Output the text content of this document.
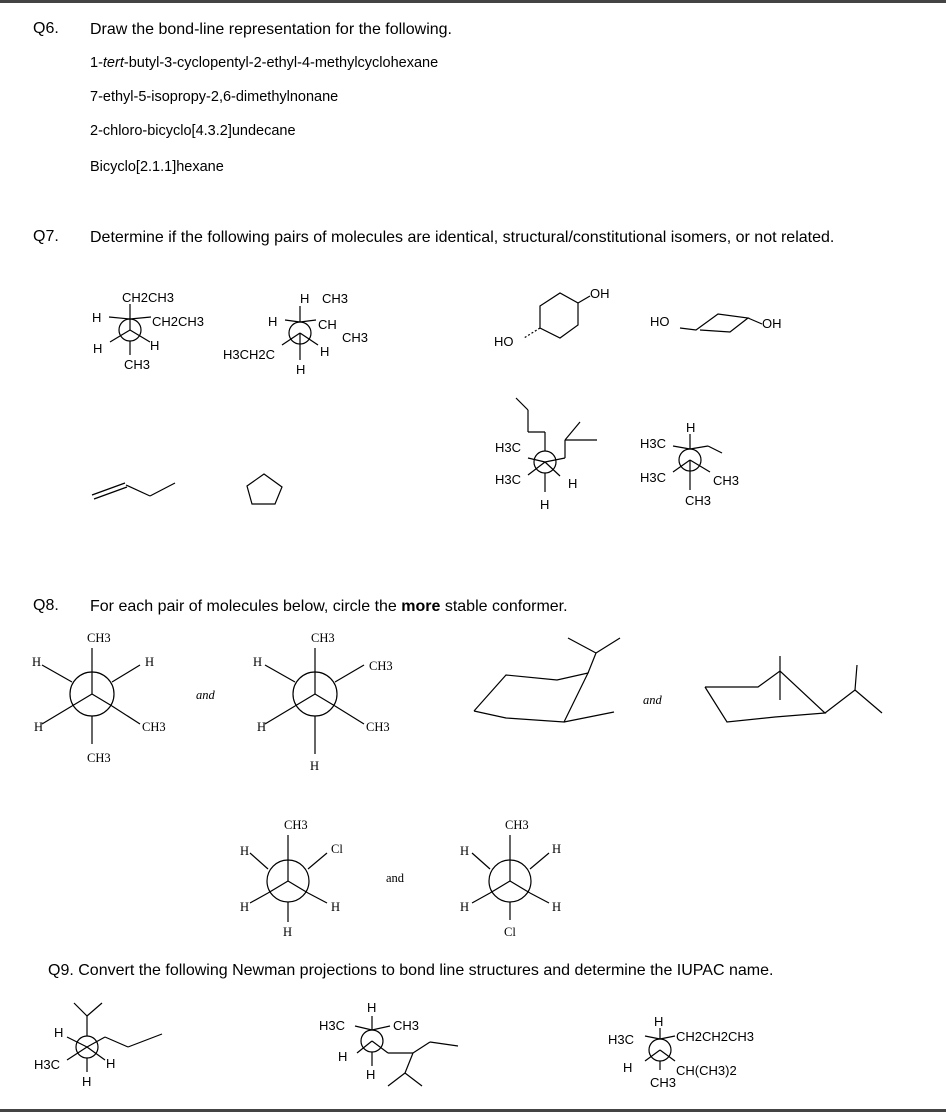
Q6. Draw the bond-line representation for the following.
1-tert-butyl-3-cyclopentyl-2-ethyl-4-methylcyclohexane
7-ethyl-5-isopropy-2,6-dimethylnonane
2-chloro-bicyclo[4.3.2]undecane
Bicyclo[2.1.1]hexane
Q7. Determine if the following pairs of molecules are identical, structural/constitutional isomers, or not related.
Q8. For each pair of molecules below, circle the more stable conformer.
Q9. Convert the following Newman projections to bond line structures and determine the IUPAC name.
CH2CH3
CH2CH3
H
H	H
CH3
H CH3
H	CH
CH3
H3CH2C	H
H
OH
HO
HO	OH
H3C
H3C	H
H
H
H3C
H3C	CH3
CH3
CH3
H	H
H	CH3
CH3
and
CH3
H	CH3
H	CH3
H
and
CH3
H	Cl
H	H
H
and
CH3
H	H
H	H
Cl
H
H3C	H
H
H
H3C	CH3
H
H
H
H3C	CH2CH2CH3
H	CH(CH3)2
CH3
